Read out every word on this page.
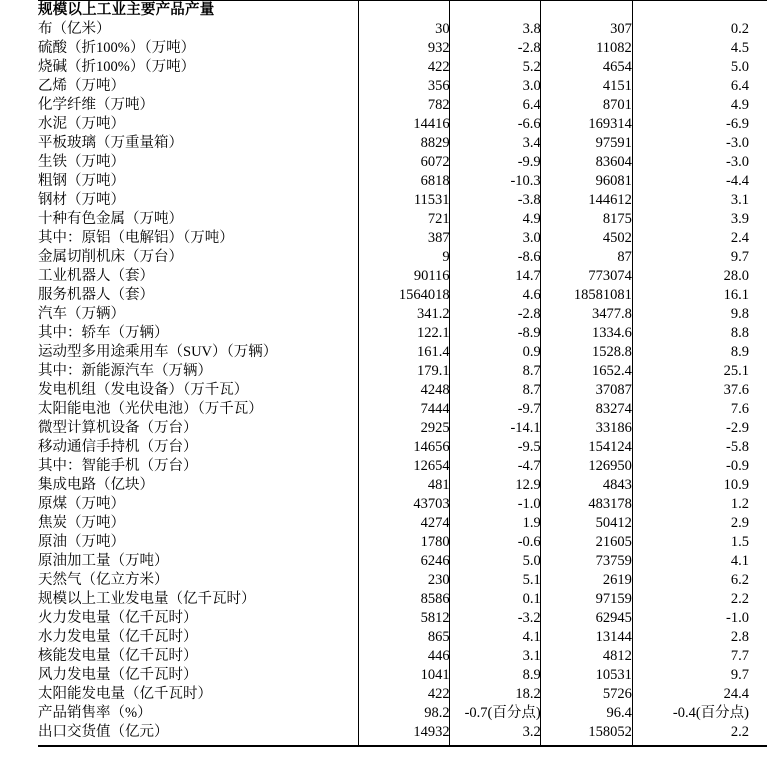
规模以上工业主要产品产量				
布（亿米）	30	3.8	307	0.2
硫酸（折100%）（万吨）	932	-2.8	11082	4.5
烧碱（折100%）（万吨）	422	5.2	4654	5.0
乙烯（万吨）	356	3.0	4151	6.4
化学纤维（万吨）	782	6.4	8701	4.9
水泥（万吨）	14416	-6.6	169314	-6.9
平板玻璃（万重量箱）	8829	3.4	97591	-3.0
生铁（万吨）	6072	-9.9	83604	-3.0
粗钢（万吨）	6818	-10.3	96081	-4.4
钢材（万吨）	11531	-3.8	144612	3.1
十种有色金属（万吨）	721	4.9	8175	3.9
其中：原铝（电解铝）（万吨）	387	3.0	4502	2.4
金属切削机床（万台）	9	-8.6	87	9.7
工业机器人（套）	90116	14.7	773074	28.0
服务机器人（套）	1564018	4.6	18581081	16.1
汽车（万辆）	341.2	-2.8	3477.8	9.8
其中：轿车（万辆）	122.1	-8.9	1334.6	8.8
运动型多用途乘用车（SUV）（万辆）	161.4	0.9	1528.8	8.9
其中：新能源汽车（万辆）	179.1	8.7	1652.4	25.1
发电机组（发电设备）（万千瓦）	4248	8.7	37087	37.6
太阳能电池（光伏电池）（万千瓦）	7444	-9.7	83274	7.6
微型计算机设备（万台）	2925	-14.1	33186	-2.9
移动通信手持机（万台）	14656	-9.5	154124	-5.8
其中：智能手机（万台）	12654	-4.7	126950	-0.9
集成电路（亿块）	481	12.9	4843	10.9
原煤（万吨）	43703	-1.0	483178	1.2
焦炭（万吨）	4274	1.9	50412	2.9
原油（万吨）	1780	-0.6	21605	1.5
原油加工量（万吨）	6246	5.0	73759	4.1
天然气（亿立方米）	230	5.1	2619	6.2
规模以上工业发电量（亿千瓦时）	8586	0.1	97159	2.2
火力发电量（亿千瓦时）	5812	-3.2	62945	-1.0
水力发电量（亿千瓦时）	865	4.1	13144	2.8
核能发电量（亿千瓦时）	446	3.1	4812	7.7
风力发电量（亿千瓦时）	1041	8.9	10531	9.7
太阳能发电量（亿千瓦时）	422	18.2	5726	24.4
产品销售率（%）	98.2	-0.7(百分点)	96.4	-0.4(百分点)
出口交货值（亿元）	14932	3.2	158052	2.2
